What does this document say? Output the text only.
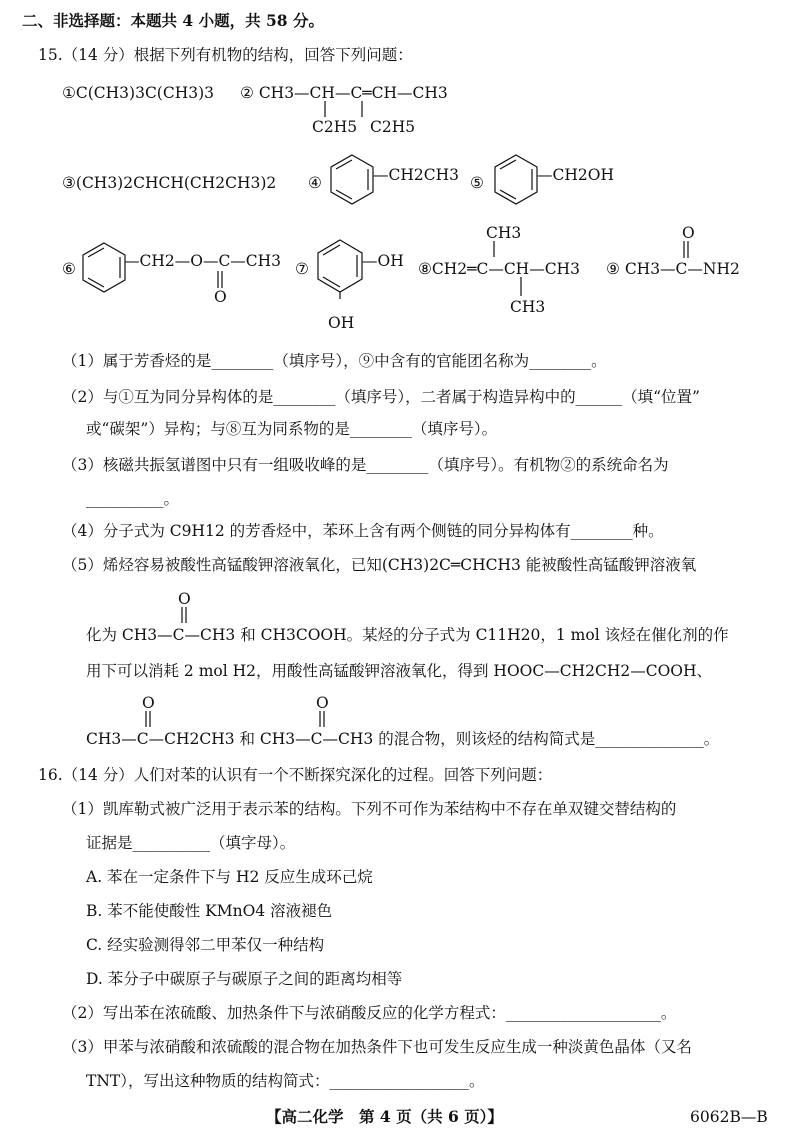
二、非选择题：本题共 4 小题，共 58 分。
15.（14 分）根据下列有机物的结构，回答下列问题：
①C(CH3)3C(CH3)3 ② CH3—CH—C═CH—CH3
C2H5 C2H5
③(CH3)2CHCH(CH2CH3)2 ④	—CH2CH3 ⑤	—CH2OH
⑥	—CH2—O—C—CH3
O
⑦	—OH
OH
CH3
⑧CH2═C—CH—CH3
CH3
O
⑨ CH3—C—NH2
（1）属于芳香烃的是________（填序号），⑨中含有的官能团名称为________。
（2）与①互为同分异构体的是________（填序号），二者属于构造异构中的______（填“位置”
或“碳架”）异构；与⑧互为同系物的是________（填序号）。
（3）核磁共振氢谱图中只有一组吸收峰的是________（填序号）。有机物②的系统命名为
__________。
（4）分子式为 C9H12 的芳香烃中，苯环上含有两个侧链的同分异构体有________种。
（5）烯烃容易被酸性高锰酸钾溶液氧化，已知(CH3)2C═CHCH3 能被酸性高锰酸钾溶液氧
O
化为 CH3—C—CH3 和 CH3COOH。某烃的分子式为 C11H20，1 mol 该烃在催化剂的作
用下可以消耗 2 mol H2，用酸性高锰酸钾溶液氧化，得到 HOOC—CH2CH2—COOH、
O	O
CH3—C—CH2CH3 和 CH3—C—CH3 的混合物，则该烃的结构简式是______________。
16.（14 分）人们对苯的认识有一个不断探究深化的过程。回答下列问题：
（1）凯库勒式被广泛用于表示苯的结构。下列不可作为苯结构中不存在单双键交替结构的
证据是__________（填字母）。
A. 苯在一定条件下与 H2 反应生成环己烷
B. 苯不能使酸性 KMnO4 溶液褪色
C. 经实验测得邻二甲苯仅一种结构
D. 苯分子中碳原子与碳原子之间的距离均相等
（2）写出苯在浓硫酸、加热条件下与浓硝酸反应的化学方程式：____________________。
（3）甲苯与浓硝酸和浓硫酸的混合物在加热条件下也可发生反应生成一种淡黄色晶体（又名
TNT），写出这种物质的结构简式：__________________。
【高二化学　第 4 页（共 6 页）】	6062B—B
